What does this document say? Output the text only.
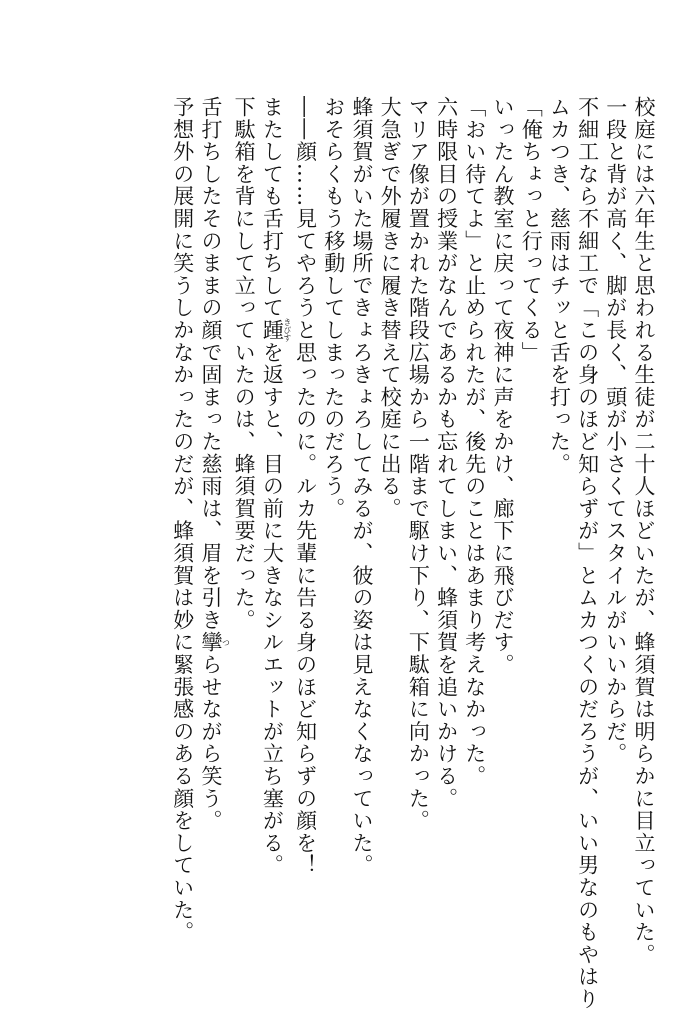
校庭には六年生と思われる生徒が二十人ほどいたが、蜂須賀は明らかに目立っていた。
一段と背が高く、脚が長く、頭が小さくてスタイルがいいからだ。
不細工なら不細工で「この身のほど知らずが」とムカつくのだろうが、いい男なのもやはり
ムカつき、慈雨はチッと舌を打った。
「俺ちょっと行ってくる」
いったん教室に戻って夜神に声をかけ、廊下に飛びだす。
「おい待てよ」と止められたが、後先のことはあまり考えなかった。
六時限目の授業がなんであるかも忘れてしまい、蜂須賀を追いかける。
マリア像が置かれた階段広場から一階まで駆け下り、下駄箱に向かった。
大急ぎで外履きに履き替えて校庭に出る。
蜂須賀がいた場所できょろきょろしてみるが、彼の姿は見えなくなっていた。
おそらくもう移動してしまったのだろう。
――顔……見てやろうと思ったのに。ルカ先輩に告る身のほど知らずの顔を！
またしても舌打ちして踵きびすを返すと、目の前に大きなシルエットが立ち塞がる。
下駄箱を背にして立っていたのは、蜂須賀要だった。
舌打ちしたそのままの顔で固まった慈雨は、眉を引き攣つらせながら笑う。
予想外の展開に笑うしかなかったのだが、蜂須賀は妙に緊張感のある顔をしていた。
